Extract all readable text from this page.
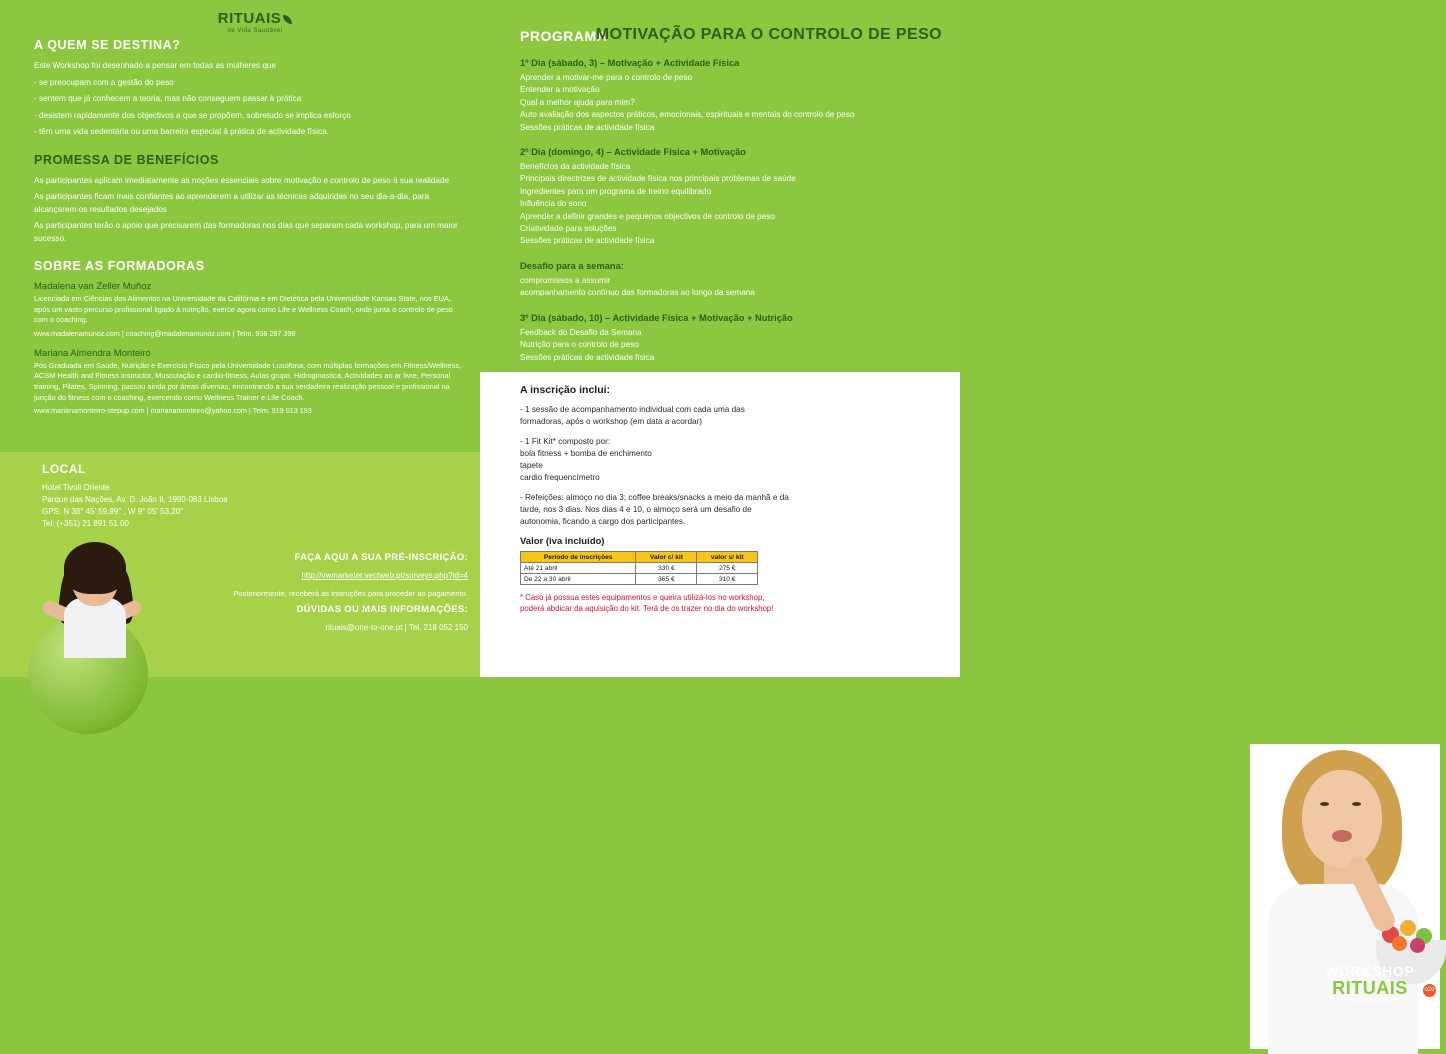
RITUAIS
de Vida Saudável
A QUEM SE DESTINA?

Este Workshop foi desenhado a pensar em todas as mulheres que

- se preocupam com a gestão do peso

- sentem que já conhecem a teoria, mas não conseguem passar à prática

- desistem rapidamente dos objectivos a que se propõem, sobretudo se implica esforço

- têm uma vida sedentária ou uma barreira especial à prática de actividade física.

PROMESSA DE BENEFÍCIOS

As participantes aplicam imediatamente as noções essenciais sobre motivação e controlo de peso à sua realidade

As participantes ficam mais confiantes ao aprenderem a utilizar as técnicas adquiridas no seu dia-a-dia, para alcançarem os resultados desejados

As participantes terão o apoio que precisarem das formadoras nos dias que separam cada workshop, para um maior sucesso.

SOBRE AS FORMADORAS

Madalena van Zeller Muñoz

Licenciada em Ciências dos Alimentos na Universidade da Califórnia e em Dietética pela Universidade Kansas State, nos EUA, após um vasto percurso profissional ligado à nutrição, exerce agora como Life e Wellness Coach, onde junta o controlo de peso com o coaching.

www.madalenamunoz.com | coaching@madalenamunoz.com | Telm. 938 287 398

Mariana Almendra Monteiro

Pós Graduada em Saúde, Nutrição e Exercício Físico pela Universidade Lusófona, com múltiplas formações em Fitness/Wellness, ACSM Health and Fitness instructor, Musculação e cardio-fitness, Aulas grupo, Hidroginastica, Actividades ao ar livre, Personal training, Pilates, Spinning, passou ainda por áreas diversas, encontrando a sua verdadeira realização pessoal e profissional na junção do fitness com o coaching, exercendo como Wellness Trainer e Life Coach.

www.marianamonteiro-stepup.com | marianamonteiro@yahoo.com | Telm. 919 013 193

LOCAL

Hotel Tivoli Oriente

Parque das Nações, Av. D. João II, 1990-083 Lisboa

GPS: N 38° 45' 59,99" , W 9° 05' 53,20"

Tel: (+351) 21 891 51 00

FAÇA AQUI A SUA PRÉ-INSCRIÇÃO:

http://vwmarketer.vectweb.pt/surveys.php?id=4

Posteriormente, receberá as instruções para proceder ao pagamento.

DÚVIDAS OU MAIS INFORMAÇÕES:

rituais@one-to-one.pt | Tel. 218 052 150

PROGRAMA
MOTIVAÇÃO PARA O CONTROLO DE PESO

1º Dia (sábado, 3) – Motivação + Actividade Física

Aprender a motivar-me para o controlo de peso

Entender a motivação

Qual a melhor ajuda para mim?

Auto avaliação dos aspectos práticos, emocionais, espirituais e mentais do controlo de peso

Sessões práticas de actividade física

2º Dia (domingo, 4) – Actividade Física + Motivação

Benefícios da actividade física

Principais directrizes de actividade física nos principais problemas de saúde

Ingredientes para um programa de treino equilibrado

Influência do sono

Aprender a definir grandes e pequenos objectivos de controlo de peso

Criatividade para soluções

Sessões práticas de actividade física

Desafio para a semana:

compromissos a assumir

acompanhamento contínuo das formadoras ao longo da semana

3º Dia (sábado, 10) – Actividade Física + Motivação + Nutrição

Feedback do Desafio da Semana

Nutrição para o controlo de peso

Sessões práticas de actividade física

A inscrição inclui:

- 1 sessão de acompanhamento individual com cada uma das formadoras, após o workshop (em data a acordar)

- 1 Fit Kit* composto por:

bola fitness + bomba de enchimento

tapete

cardio frequencímetro

- Refeições: almoço no dia 3; coffee breaks/snacks a meio da manhã e da tarde, nos 3 dias. Nos dias 4 e 10, o almoço será um desafio de autonomia, ficando a cargo dos participantes.

Valor (iva incluído)

Período de inscrições	Valor c/ kit	valor s/ kit
Até 21 abril	330 €	275 €
De 22 a 30 abril	365 €	310 €

* Caso já possua estes equipamentos e queira utilizá-los no workshop, poderá abdicar da aquisição do kit. Terá de os trazer no dia do workshop!

WORKSHOP
RITUAIS
de Vida Saudável
o2o
